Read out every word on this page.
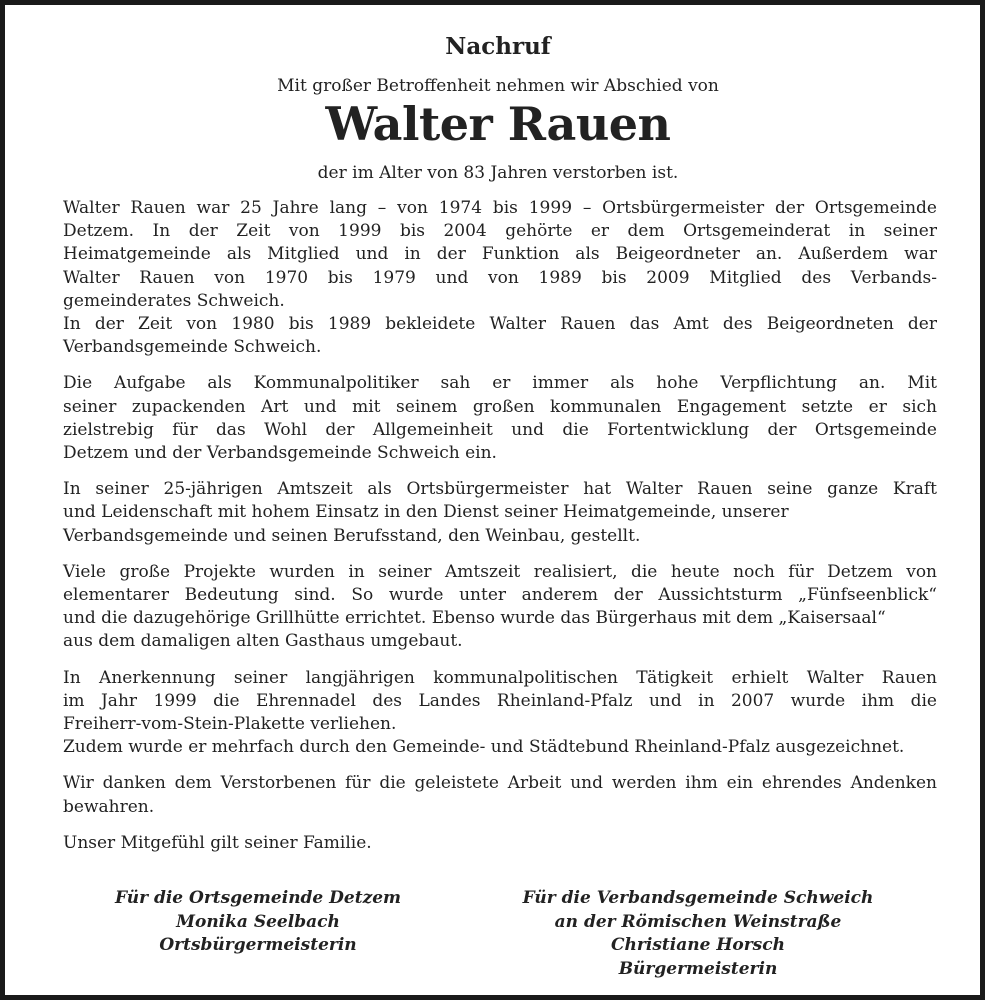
Nachruf

Mit großer Betroffenheit nehmen wir Abschied von

Walter Rauen

der im Alter von 83 Jahren verstorben ist.

Walter Rauen war 25 Jahre lang – von 1974 bis 1999 – Ortsbürgermeister der Ortsgemeinde
Detzem. In der Zeit von 1999 bis 2004 gehörte er dem Ortsgemeinderat in seiner
Heimatgemeinde als Mitglied und in der Funktion als Beigeordneter an. Außerdem war
Walter Rauen von 1970 bis 1979 und von 1989 bis 2009 Mitglied des Verbands-
gemeinderates Schweich.
In der Zeit von 1980 bis 1989 bekleidete Walter Rauen das Amt des Beigeordneten der
Verbandsgemeinde Schweich.

Die Aufgabe als Kommunalpolitiker sah er immer als hohe Verpflichtung an. Mit
seiner zupackenden Art und mit seinem großen kommunalen Engagement setzte er sich
zielstrebig für das Wohl der Allgemeinheit und die Fortentwicklung der Ortsgemeinde
Detzem und der Verbandsgemeinde Schweich ein.

In seiner 25-jährigen Amtszeit als Ortsbürgermeister hat Walter Rauen seine ganze Kraft
und Leidenschaft mit hohem Einsatz in den Dienst seiner Heimatgemeinde, unserer
Verbandsgemeinde und seinen Berufsstand, den Weinbau, gestellt.

Viele große Projekte wurden in seiner Amtszeit realisiert, die heute noch für Detzem von
elementarer Bedeutung sind. So wurde unter anderem der Aussichtsturm „Fünfseenblick“
und die dazugehörige Grillhütte errichtet. Ebenso wurde das Bürgerhaus mit dem „Kaisersaal“
aus dem damaligen alten Gasthaus umgebaut.

In Anerkennung seiner langjährigen kommunalpolitischen Tätigkeit erhielt Walter Rauen
im Jahr 1999 die Ehrennadel des Landes Rheinland-Pfalz und in 2007 wurde ihm die
Freiherr-vom-Stein-Plakette verliehen.
Zudem wurde er mehrfach durch den Gemeinde- und Städtebund Rheinland-Pfalz ausgezeichnet.

Wir danken dem Verstorbenen für die geleistete Arbeit und werden ihm ein ehrendes Andenken
bewahren.

Unser Mitgefühl gilt seiner Familie.

Für die Ortsgemeinde Detzem
Monika Seelbach
Ortsbürgermeisterin
Für die Verbandsgemeinde Schweich
an der Römischen Weinstraße
Christiane Horsch
Bürgermeisterin
